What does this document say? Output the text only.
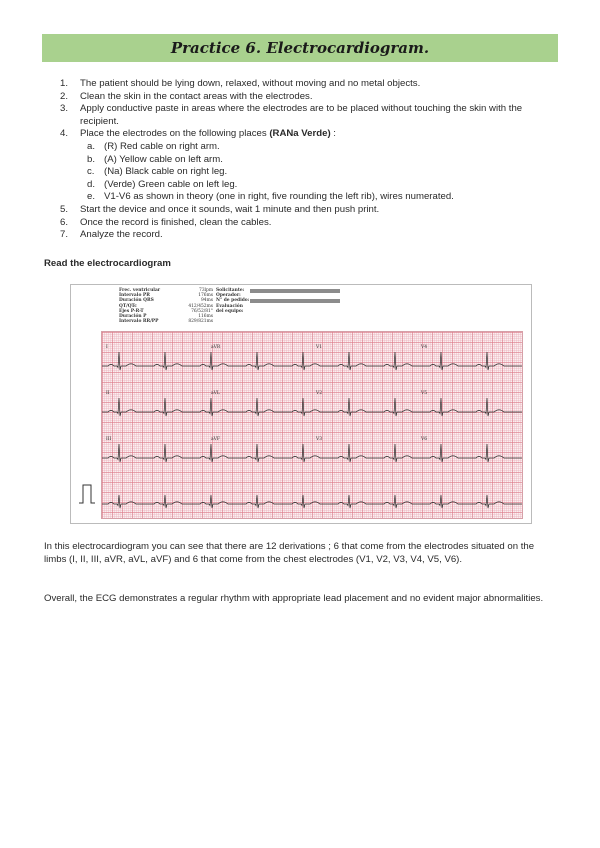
Practice 6. Electrocardiogram.
1.	The patient should be lying down, relaxed, without moving and no metal objects.
2.	Clean the skin in the contact areas with the electrodes.
3.	Apply conductive paste in areas where the electrodes are to be placed without touching the skin with the recipient.
4.	Place the electrodes on the following places (RANa Verde) :
a. (R) Red cable on right arm.
b. (A) Yellow cable on left arm.
c. (Na) Black cable on right leg.
d. (Verde) Green cable on left leg.
e. V1-V6 as shown in theory (one in right, five rounding the left rib), wires numerated.
5.	Start the device and once it sounds, wait 1 minute and then push print.
6.	Once the record is finished, clean the cables.
7.	Analyze the record.
Read the electrocardiogram
Frec. ventricular	73lpm
Intervalo PR	176ms
Duración QRS	94ms
QT/QTc	412/452ms
Ejes P-R-T	76/52/81°
Duración P	116ms
Intervalo RR/PP	829/821ms
Solicitante:
Operador:
N° de pedido:
Evaluación del equipo:
I	aVR	V1	V4
II	aVL	V2	V5
III	aVF	V3	V6
In this electrocardiogram you can see that there are 12 derivations ; 6 that come from the electrodes situated on the limbs (I, II, III, aVR, aVL, aVF) and 6 that come from the chest electrodes (V1, V2, V3, V4, V5, V6).
Overall, the ECG demonstrates a regular rhythm with appropriate lead placement and no evident major abnormalities.
